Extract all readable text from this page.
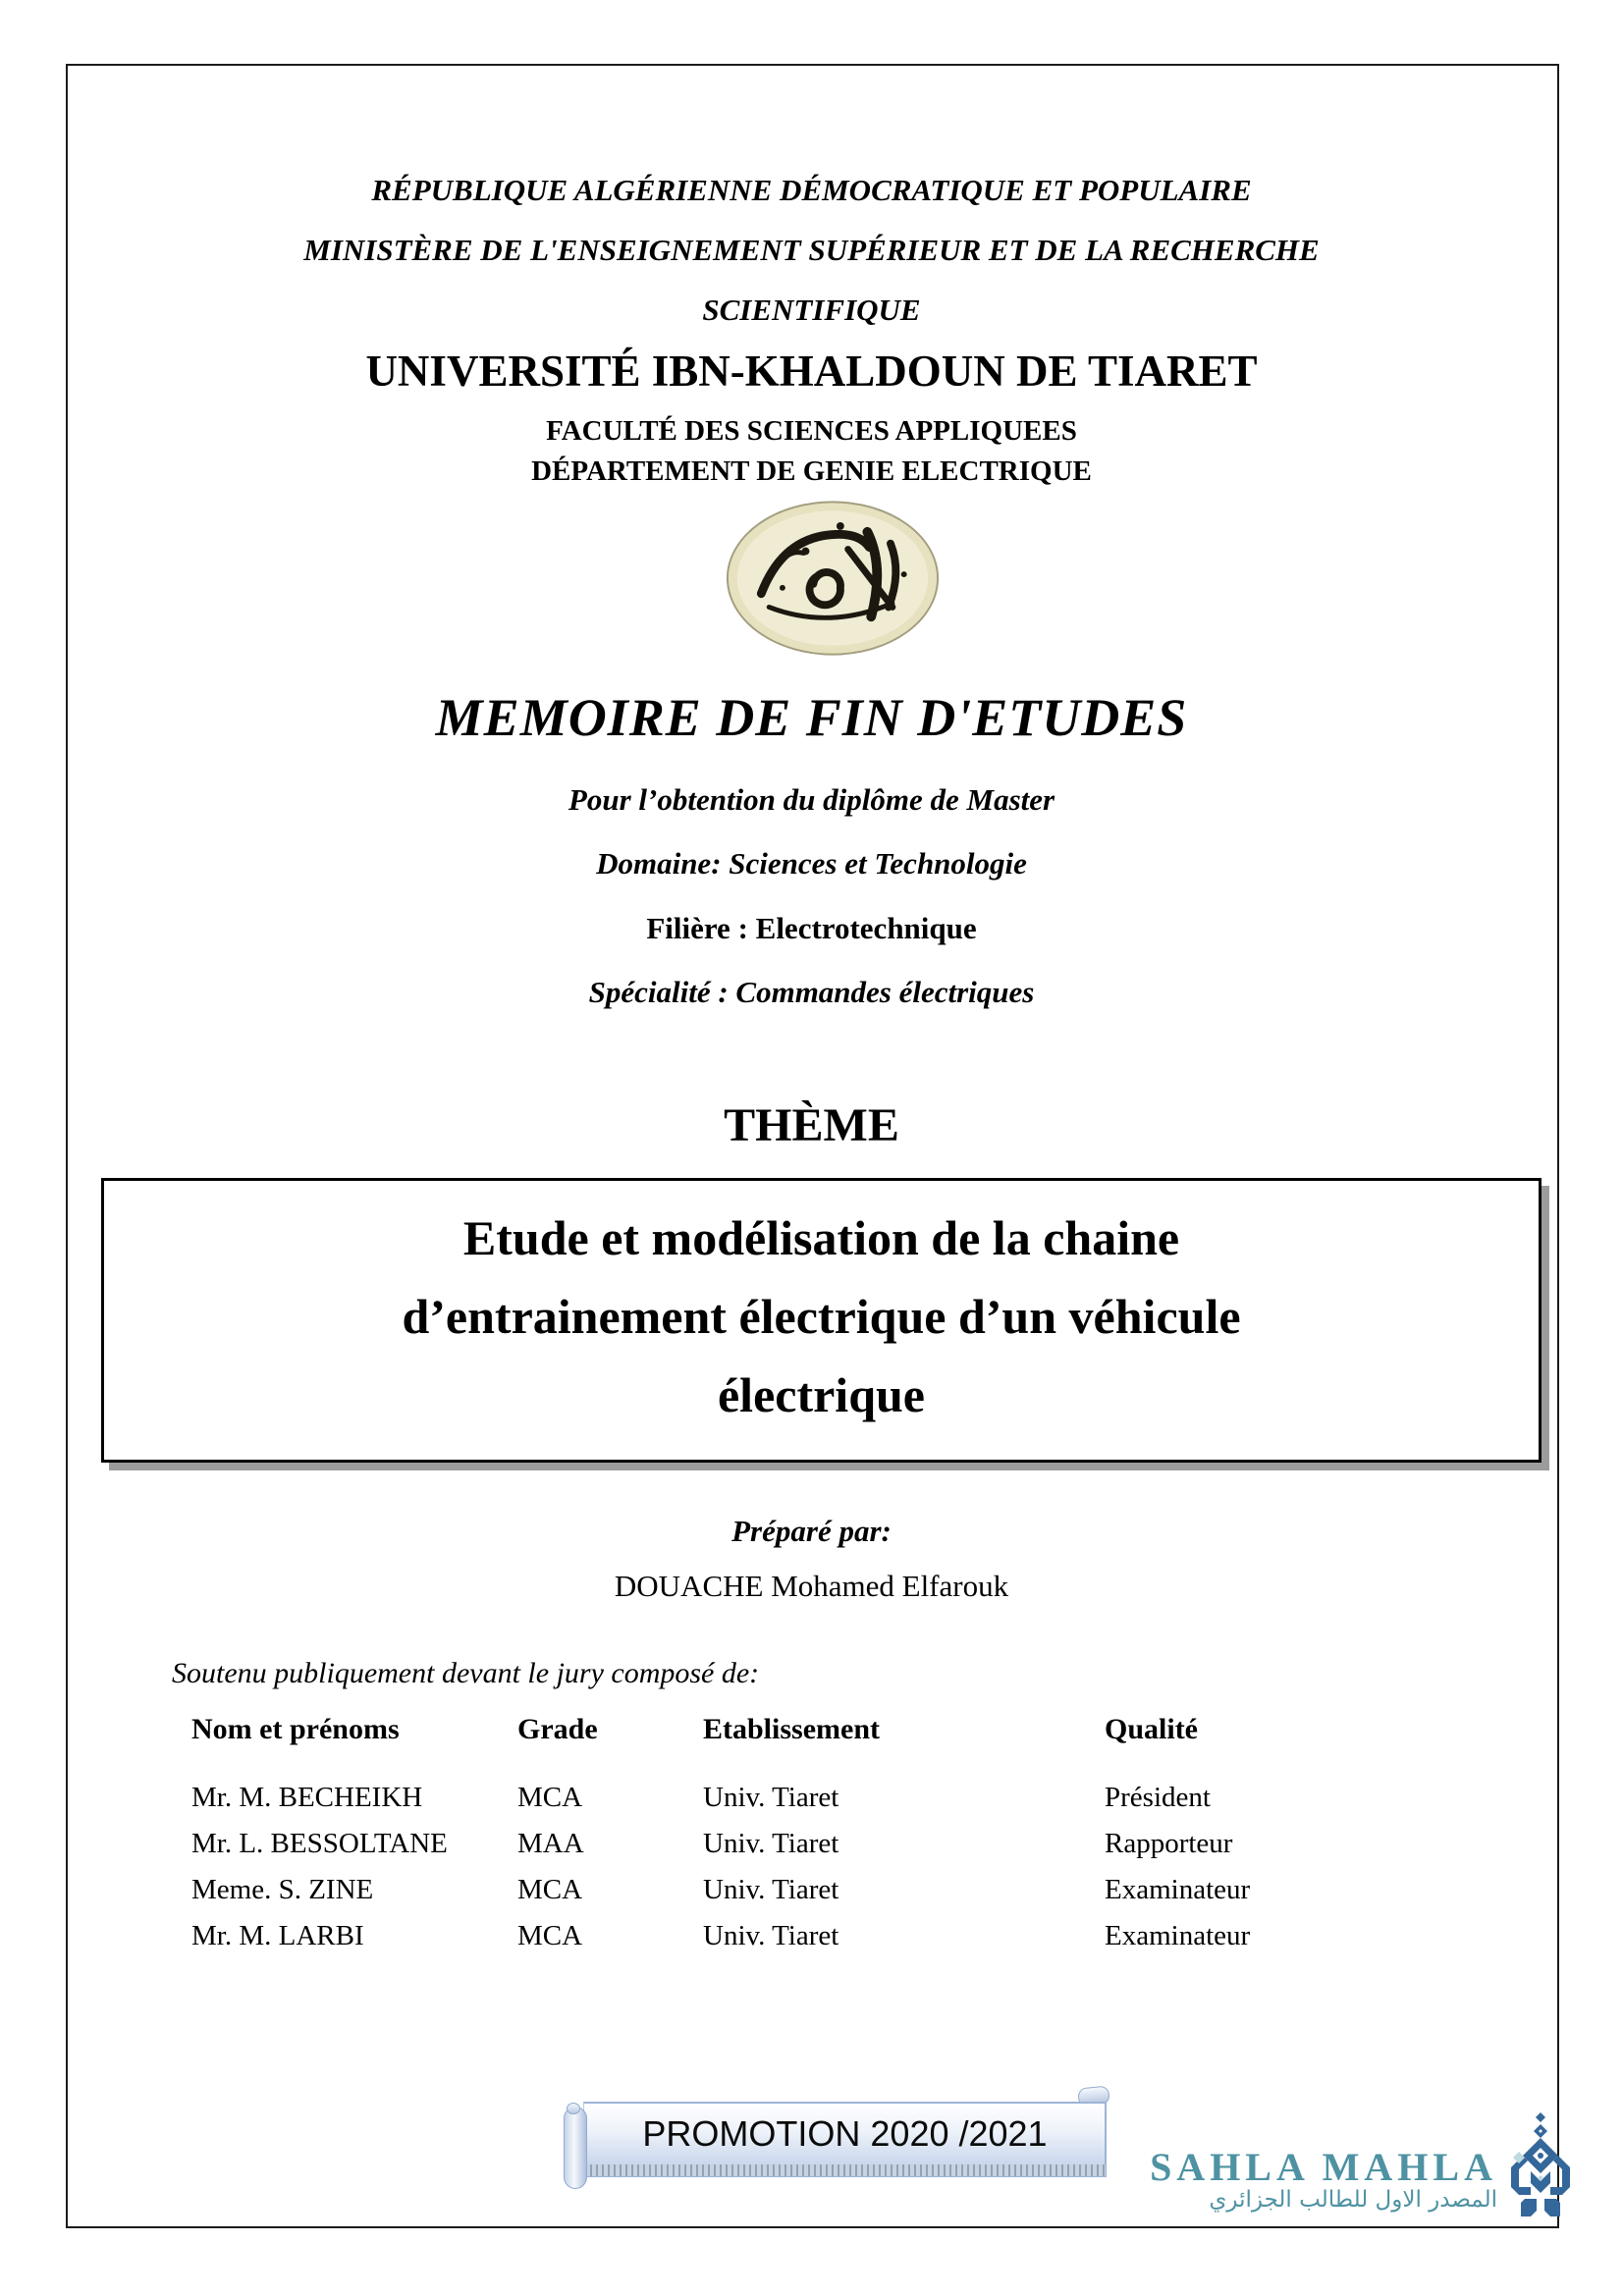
RÉPUBLIQUE ALGÉRIENNE DÉMOCRATIQUE ET POPULAIRE
MINISTÈRE DE L'ENSEIGNEMENT SUPÉRIEUR ET DE LA RECHERCHE
SCIENTIFIQUE
UNIVERSITÉ IBN-KHALDOUN DE TIARET
FACULTÉ DES SCIENCES APPLIQUEES
DÉPARTEMENT DE GENIE ELECTRIQUE
MEMOIRE DE FIN D'ETUDES
Pour l’obtention du diplôme de Master
Domaine: Sciences et Technologie
Filière : Electrotechnique
Spécialité : Commandes électriques
THÈME
Etude et modélisation de la chaine
d’entrainement électrique d’un véhicule
électrique
Préparé par:
DOUACHE Mohamed Elfarouk
Soutenu publiquement devant le jury composé de:
Nom et prénoms	Grade	Etablissement	Qualité
Mr. M. BECHEIKH	MCA	Univ. Tiaret	Président
Mr. L. BESSOLTANE MAA	Univ. Tiaret	Rapporteur
Meme. S. ZINE	MCA	Univ. Tiaret	Examinateur
Mr. M. LARBI	MCA	Univ. Tiaret	Examinateur
PROMOTION 2020 /2021
SAHLA MAHLA
المصدر الاول للطالب الجزائري
